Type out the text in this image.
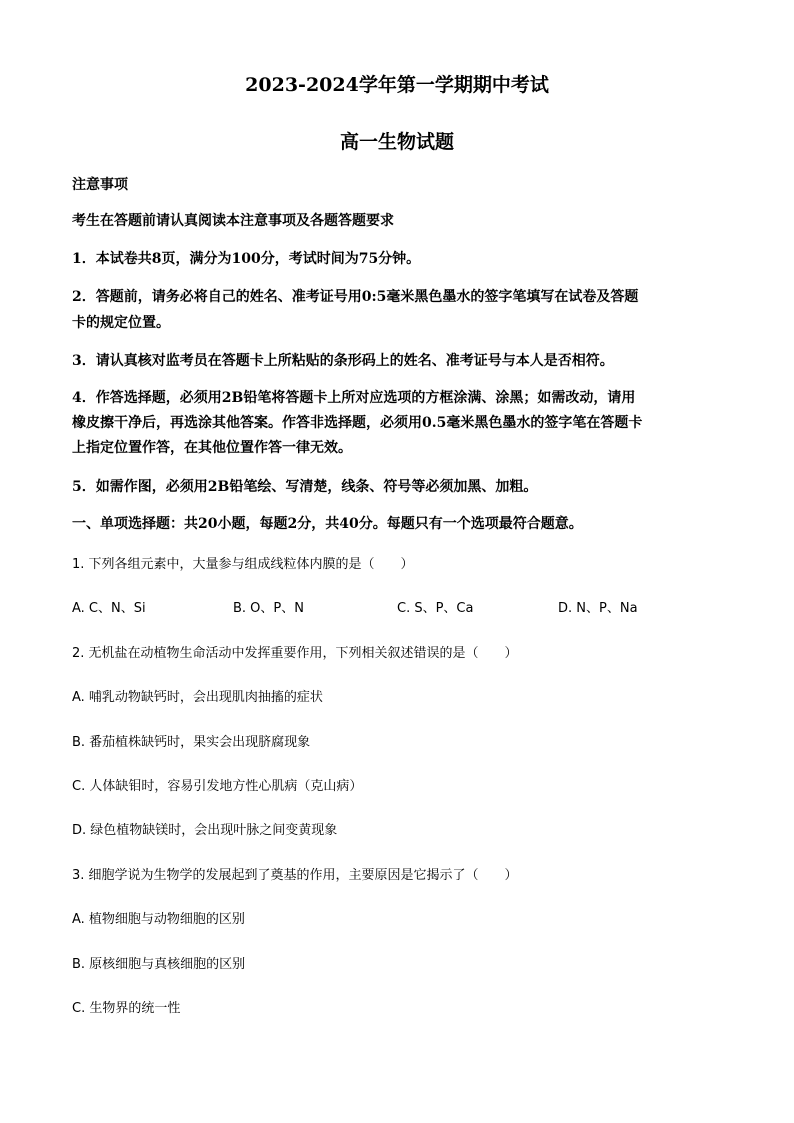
2023-2024学年第一学期期中考试
高一生物试题
注意事项
考生在答题前请认真阅读本注意事项及各题答题要求
1．本试卷共8页，满分为100分，考试时间为75分钟。
2．答题前，请务必将自己的姓名、准考证号用0:5毫米黑色墨水的签字笔填写在试卷及答题
卡的规定位置。
3．请认真核对监考员在答题卡上所粘贴的条形码上的姓名、准考证号与本人是否相符。
4．作答选择题，必须用2B铅笔将答题卡上所对应选项的方框涂满、涂黑；如需改动，请用
橡皮擦干净后，再选涂其他答案。作答非选择题，必须用0.5毫米黑色墨水的签字笔在答题卡
上指定位置作答，在其他位置作答一律无效。
5．如需作图，必须用2B铅笔绘、写清楚，线条、符号等必须加黑、加粗。
一、单项选择题：共20小题，每题2分，共40分。每题只有一个选项最符合题意。
1. 下列各组元素中，大量参与组成线粒体内膜的是（　　）
A. C、N、Si	B. O、P、N	C. S、P、Ca	D. N、P、Na
2. 无机盐在动植物生命活动中发挥重要作用，下列相关叙述错误的是（　　）
A. 哺乳动物缺钙时，会出现肌肉抽搐的症状
B. 番茄植株缺钙时，果实会出现脐腐现象
C. 人体缺钼时，容易引发地方性心肌病（克山病）
D. 绿色植物缺镁时，会出现叶脉之间变黄现象
3. 细胞学说为生物学的发展起到了奠基的作用，主要原因是它揭示了（　　）
A. 植物细胞与动物细胞的区别
B. 原核细胞与真核细胞的区别
C. 生物界的统一性
